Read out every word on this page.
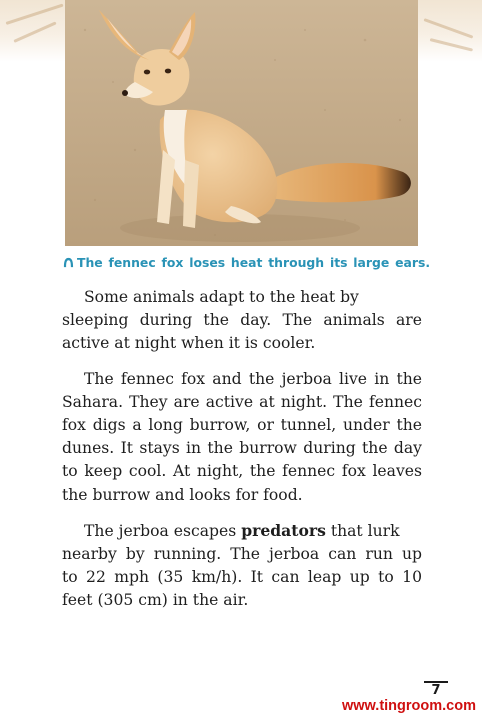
The fennec fox loses heat through its large ears.
Some animals adapt to the heat by
sleeping during the day. The animals are
active at night when it is cooler.
The fennec fox and the jerboa live in the
Sahara. They are active at night. The fennec
fox digs a long burrow, or tunnel, under the
dunes. It stays in the burrow during the day
to keep cool. At night, the fennec fox leaves
the burrow and looks for food.
The jerboa escapes predators that lurk
nearby by running. The jerboa can run up
to 22 mph (35 km/h). It can leap up to 10
feet (305 cm) in the air.
7
www.tingroom.com
